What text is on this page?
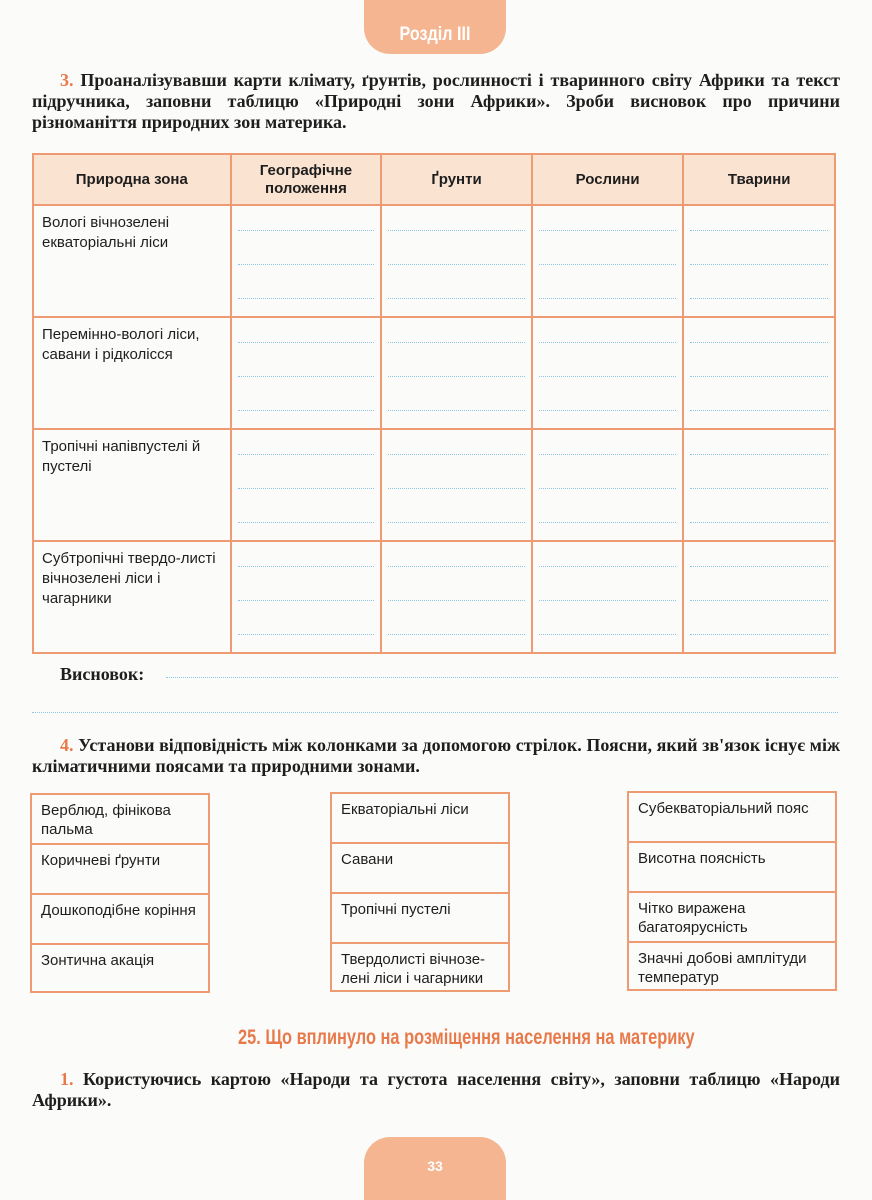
Розділ III
3. Проаналізувавши карти клімату, ґрунтів, рослинності і тваринного світу Африки та текст підручника, заповни таблицю «Природні зони Африки». Зроби висновок про причини різноманіття природних зон материка.
Природна зона	Географічне положення	Ґрунти	Рослини	Тварини
Вологі вічнозелені екваторіальні ліси	

Перемінно-вологі ліси, савани і рідколісся	

Тропічні напівпустелі й пустелі	

Субтропічні твердо-листі вічнозелені ліси і чагарники	

Висновок:
4. Установи відповідність між колонками за допомогою стрілок. Поясни, який зв'язок існує між кліматичними поясами та природними зонами.
Верблюд, фінікова пальма
Коричневі ґрунти
Дошкоподібне коріння
Зонтична акація
Екваторіальні ліси
Савани
Тропічні пустелі
Твердолисті вічнозе-лені ліси і чагарники
Субекваторіальний пояс
Висотна поясність
Чітко виражена багатоярусність
Значні добові амплітуди температур
25. Що вплинуло на розміщення населення на материку
1. Користуючись картою «Народи та густота населення світу», заповни таблицю «Народи Африки».
33
